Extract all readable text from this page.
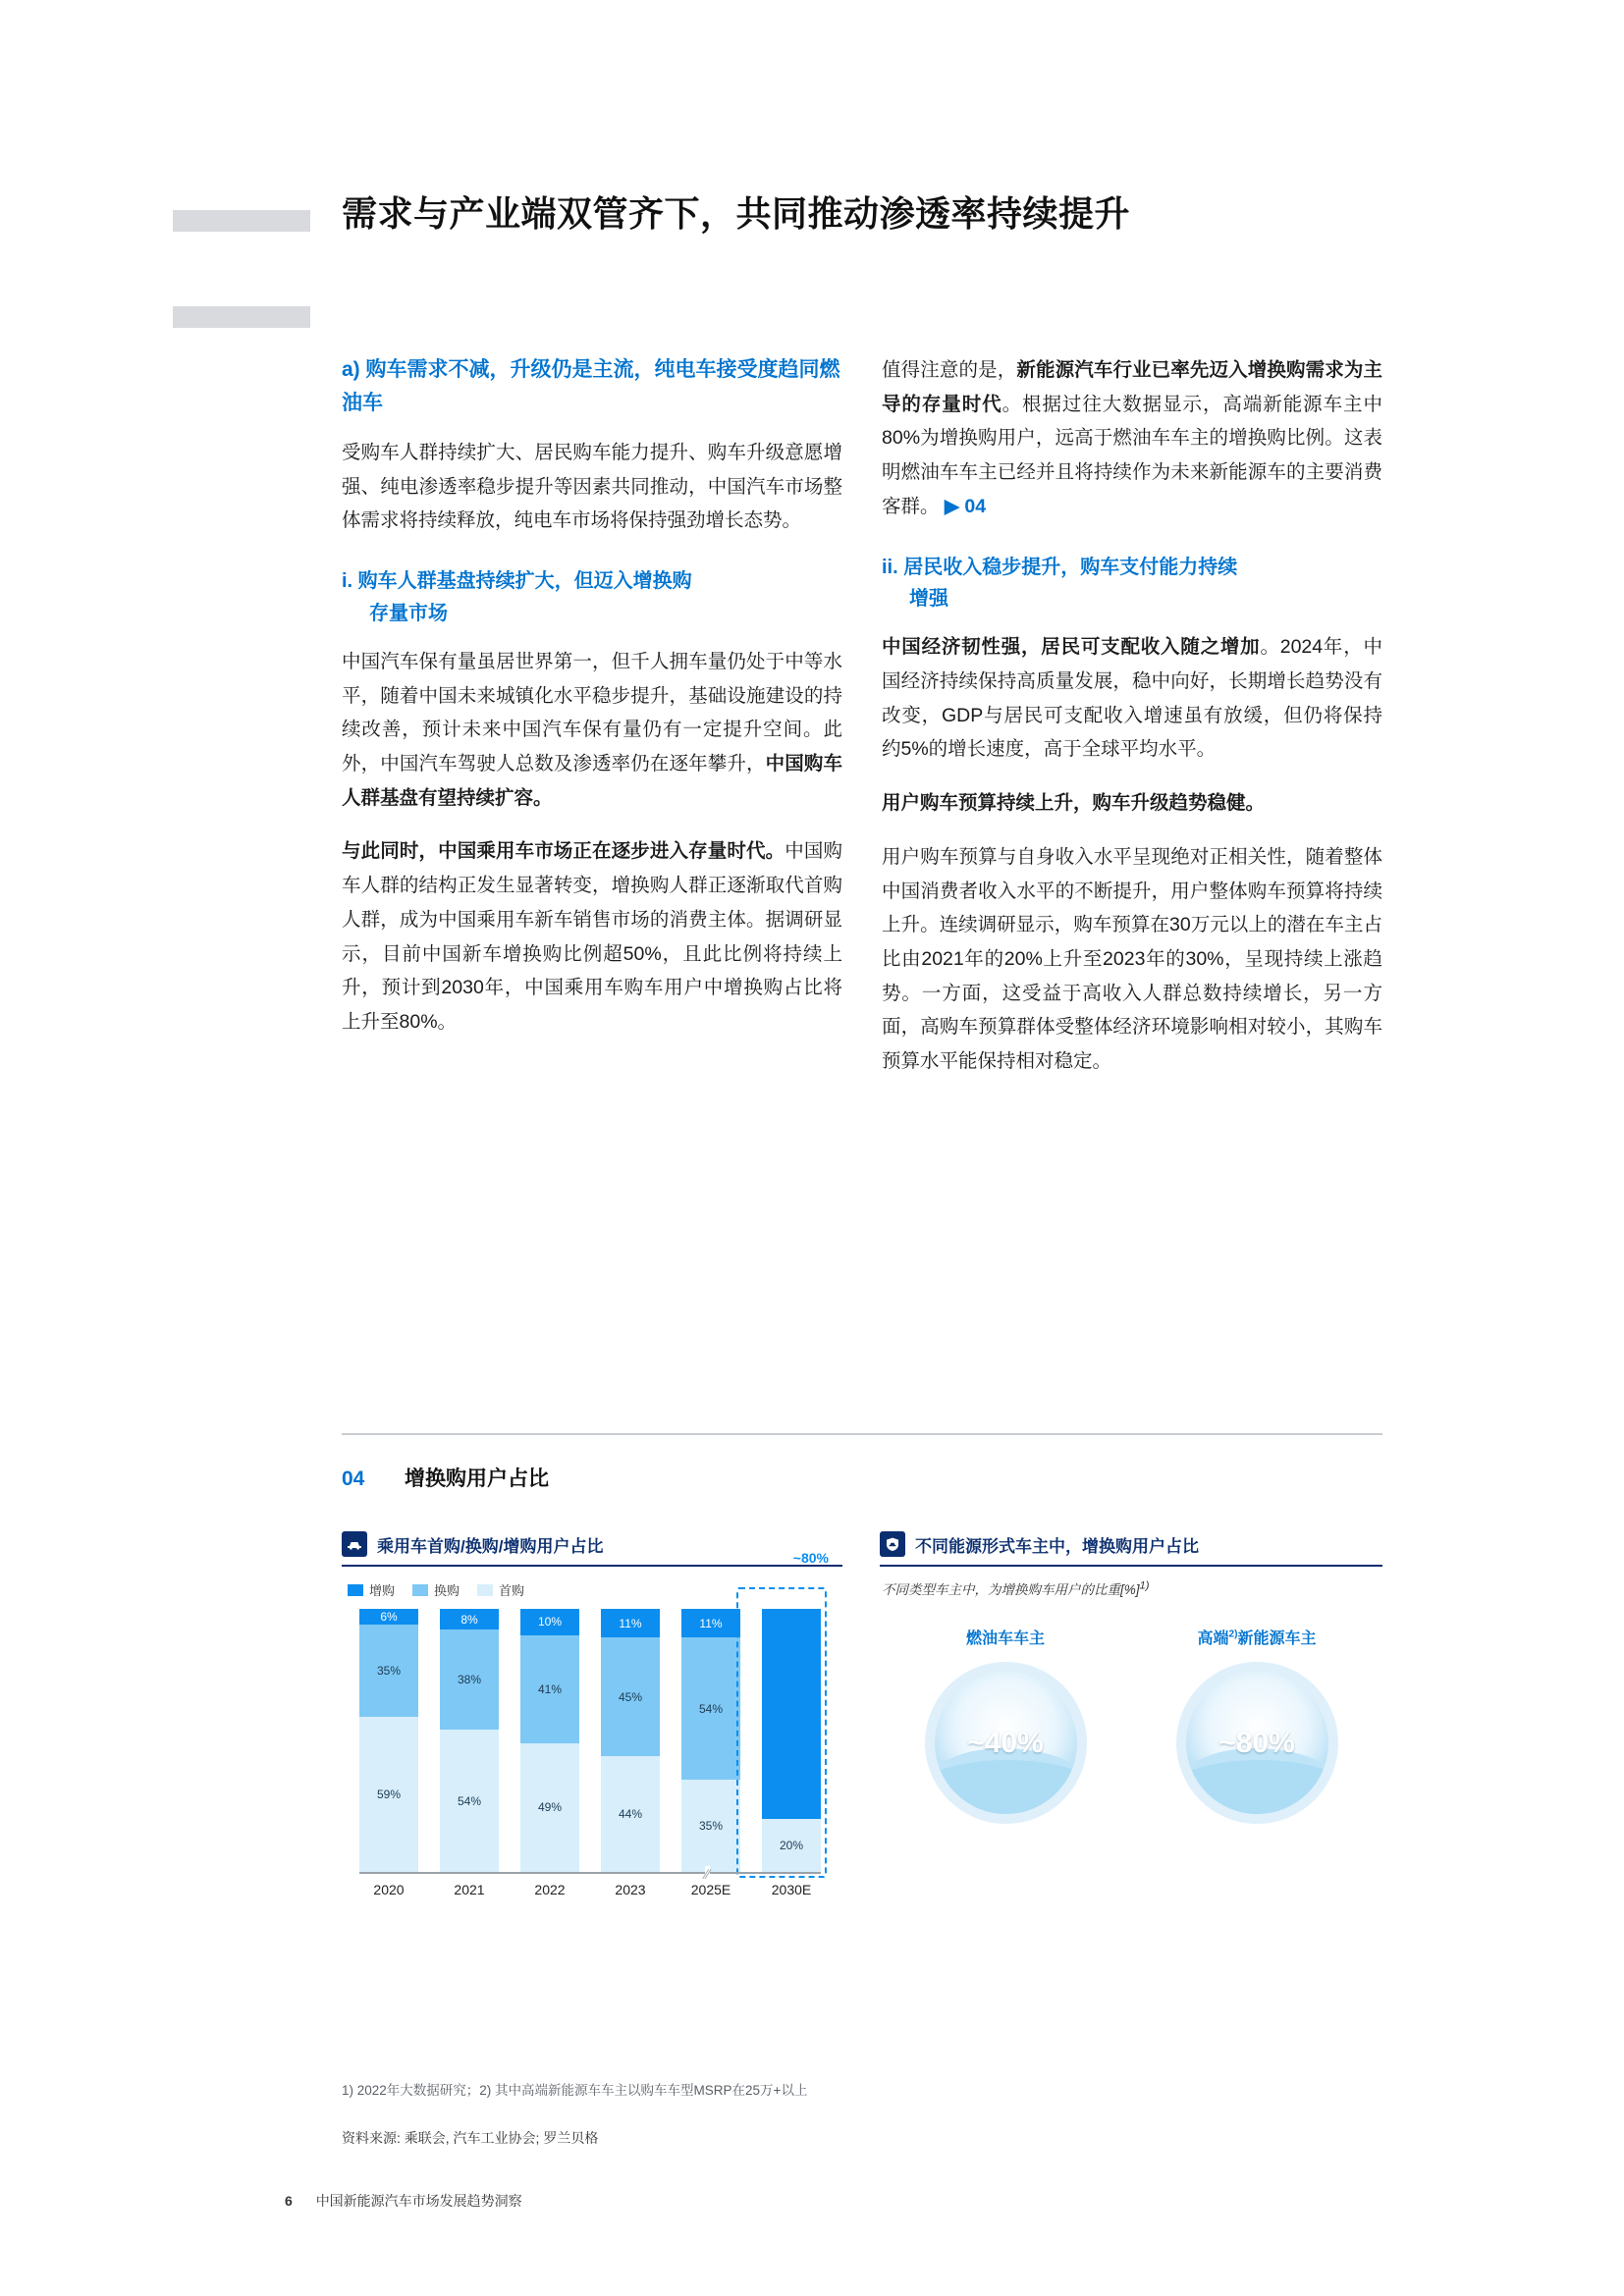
需求与产业端双管齐下，共同推动渗透率持续提升
a) 购车需求不减，升级仍是主流，纯电车接受度趋同燃油车

受购车人群持续扩大、居民购车能力提升、购车升级意愿增强、纯电渗透率稳步提升等因素共同推动，中国汽车市场整体需求将持续释放，纯电车市场将保持强劲增长态势。

i. 购车人群基盘持续扩大，但迈入增换购
存量市场

中国汽车保有量虽居世界第一，但千人拥车量仍处于中等水平，随着中国未来城镇化水平稳步提升，基础设施建设的持续改善，预计未来中国汽车保有量仍有一定提升空间。此外，中国汽车驾驶人总数及渗透率仍在逐年攀升，中国购车人群基盘有望持续扩容。

与此同时，中国乘用车市场正在逐步进入存量时代。中国购车人群的结构正发生显著转变，增换购人群正逐渐取代首购人群，成为中国乘用车新车销售市场的消费主体。据调研显示，目前中国新车增换购比例超50%，且此比例将持续上升，预计到2030年，中国乘用车购车用户中增换购占比将上升至80%。

值得注意的是，新能源汽车行业已率先迈入增换购需求为主导的存量时代。根据过往大数据显示，高端新能源车主中80%为增换购用户，远高于燃油车车主的增换购比例。这表明燃油车车主已经并且将持续作为未来新能源车的主要消费客群。 ▶ 04

ii. 居民收入稳步提升，购车支付能力持续
增强

中国经济韧性强，居民可支配收入随之增加。2024年，中国经济持续保持高质量发展，稳中向好，长期增长趋势没有改变，GDP与居民可支配收入增速虽有放缓，但仍将保持约5%的增长速度，高于全球平均水平。

用户购车预算持续上升，购车升级趋势稳健。

用户购车预算与自身收入水平呈现绝对正相关性，随着整体中国消费者收入水平的不断提升，用户整体购车预算将持续上升。连续调研显示，购车预算在30万元以上的潜在车主占比由2021年的20%上升至2023年的30%，呈现持续上涨趋势。一方面，这受益于高收入人群总数持续增长，另一方面，高购车预算群体受整体经济环境影响相对较小，其购车预算水平能保持相对稳定。

04 增换购用户占比
乘用车首购/换购/增购用户占比
增购	换购	首购
6%
35%
59%
8%
38%
54%
10%
41%
49%
11%
45%
44%
11%
54%
35%
20%
~80%
∕∕
2020	2021	2022	2023	2025E	2030E
不同能源形式车主中，增换购用户占比
不同类型车主中，为增换购车用户的比重[%]$^{1)}$
燃油车车主
~40%
高端$^{2)}$新能源车主
~80%
1) 2022年大数据研究；2) 其中高端新能源车车主以购车车型MSRP在25万+以上
资料来源: 乘联会, 汽车工业协会; 罗兰贝格
6 中国新能源汽车市场发展趋势洞察
